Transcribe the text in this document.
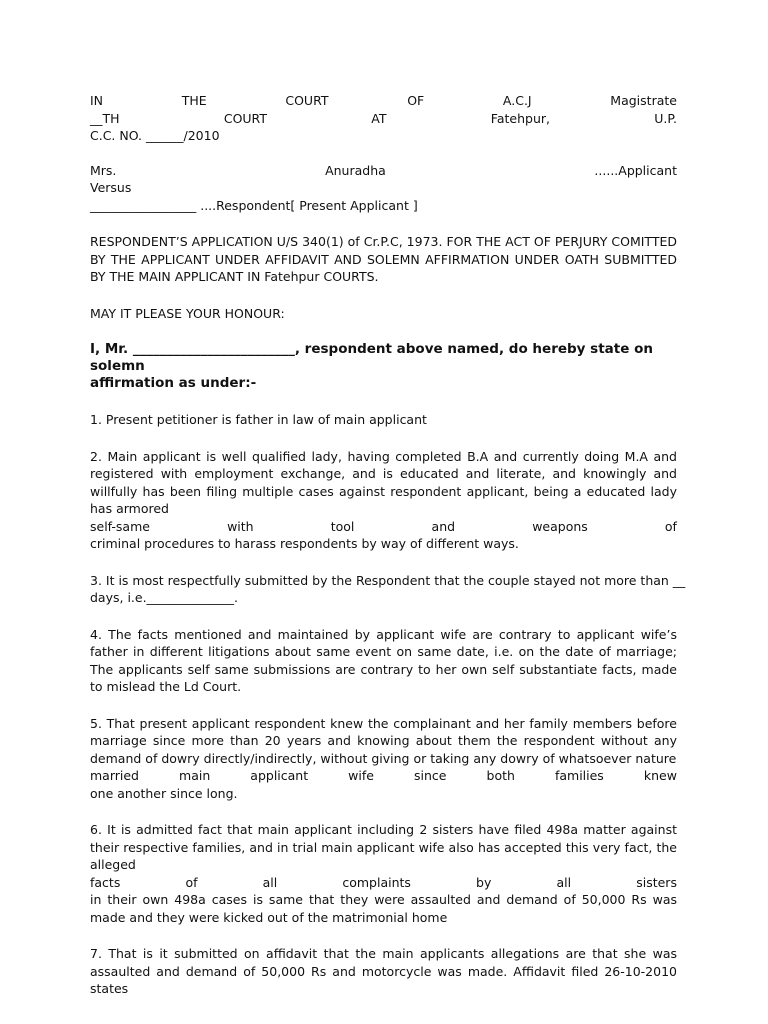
IN	THE	COURT	OF	A.C.J	Magistrate
__TH	COURT	AT	Fatehpur,	U.P.
C.C. NO. ______/2010
Mrs.	Anuradha	......Applicant
Versus
_________________ ....Respondent[ Present Applicant ]

RESPONDENT’S APPLICATION U/S 340(1) of Cr.P.C, 1973. FOR THE ACT OF PERJURY COMITTED BY THE APPLICANT UNDER AFFIDAVIT AND SOLEMN AFFIRMATION UNDER OATH SUBMITTED BY THE MAIN APPLICANT IN Fatehpur COURTS.

MAY IT PLEASE YOUR HONOUR:
I, Mr. ________________________, respondent above named, do hereby state on
solemn
affirmation as under:-

1. Present petitioner is father in law of main applicant

2. Main applicant is well qualified lady, having completed B.A and currently doing M.A and registered with employment exchange, and is educated and literate, and knowingly and willfully has been filing multiple cases against respondent applicant, being a educated lady has armored

self-same	with	tool	and	weapons	of
criminal procedures to harass respondents by way of different ways.
3. It is most respectfully submitted by the Respondent that the couple stayed not more than __
days, i.e.______________.

4. The facts mentioned and maintained by applicant wife are contrary to applicant wife’s father in different litigations about same event on same date, i.e. on the date of marriage; The applicants self same submissions are contrary to her own self substantiate facts, made to mislead the Ld Court.

5. That present applicant respondent knew the complainant and her family members before marriage since more than 20 years and knowing about them the respondent without any demand of dowry directly/indirectly, without giving or taking any dowry of whatsoever nature

married	main	applicant	wife	since	both	families	knew
one another since long.

6. It is admitted fact that main applicant including 2 sisters have filed 498a matter against their respective families, and in trial main applicant wife also has accepted this very fact, the alleged

facts	of	all	complaints	by	all	sisters

in their own 498a cases is same that they were assaulted and demand of 50,000 Rs was made and they were kicked out of the matrimonial home

7. That is it submitted on affidavit that the main applicants allegations are that she was assaulted and demand of 50,000 Rs and motorcycle was made. Affidavit filed 26-10-2010 states
